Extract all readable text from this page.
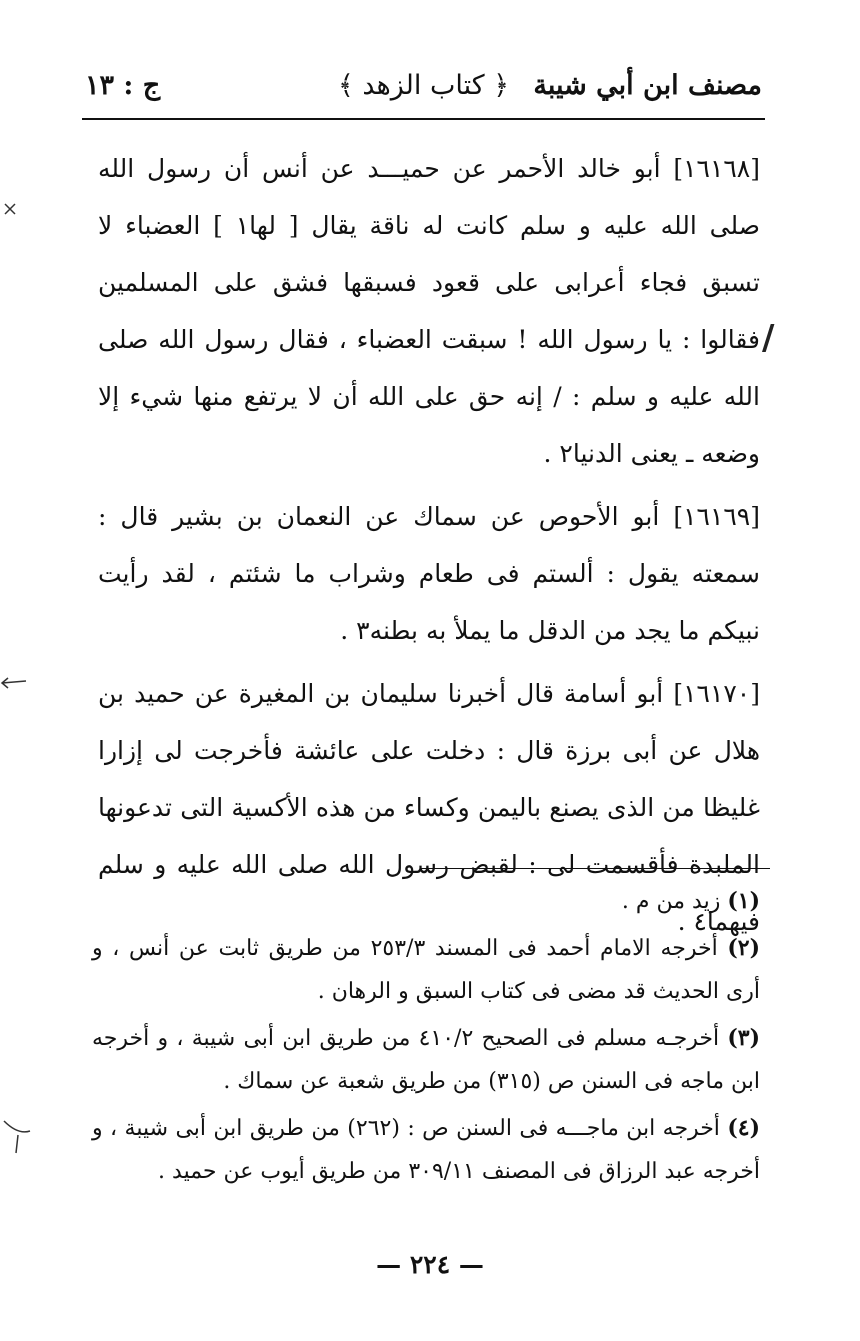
مصنف ابن أبي شيبة
﴿ كتاب الزهد ﴾
ج : ١٣

[١٦١٦٨] أبو خالد الأحمر عن حميـــد عن أنس أن رسول الله صلى الله عليه و سلم كانت له ناقة يقال [ لها١ ] العضباء لا تسبق فجاء أعرابى على قعود فسبقها فشق على المسلمين فقالوا : يا رسول الله ! سبقت العضباء ، فقال رسول الله صلى الله عليه و سلم : / إنه حق على الله أن لا يرتفع منها شيء إلا وضعه ـ يعنى الدنيا٢ .

[١٦١٦٩] أبو الأحوص عن سماك عن النعمان بن بشير قال : سمعته يقول : ألستم فى طعام وشراب ما شئتم ، لقد رأيت نبيكم ما يجد من الدقل ما يملأ به بطنه٣ .

[١٦١٧٠] أبو أسامة قال أخبرنا سليمان بن المغيرة عن حميد بن هلال عن أبى برزة قال : دخلت على عائشة فأخرجت لى إزارا غليظا من الذى يصنع باليمن وكساء من هذه الأكسية التى تدعونها الملبدة فأقسمت لى : لقبض رسول الله صلى الله عليه و سلم فيهما٤ .

(١) زيد من م .
(٢) أخرجه الامام أحمد فى المسند ٢٥٣/٣ من طريق ثابت عن أنس ، و أرى الحديث قد مضى فى كتاب السبق و الرهان .
(٣) أخرجـه مسلم فى الصحيح ٤١٠/٢ من طريق ابن أبى شيبة ، و أخرجه ابن ماجه فى السنن ص (٣١٥) من طريق شعبة عن سماك .
(٤) أخرجه ابن ماجـــه فى السنن ص : (٢٦٢) من طريق ابن أبى شيبة ، و أخرجه عبد الرزاق فى المصنف ٣٠٩/١١ من طريق أيوب عن حميد .
— ٢٢٤ —
/
